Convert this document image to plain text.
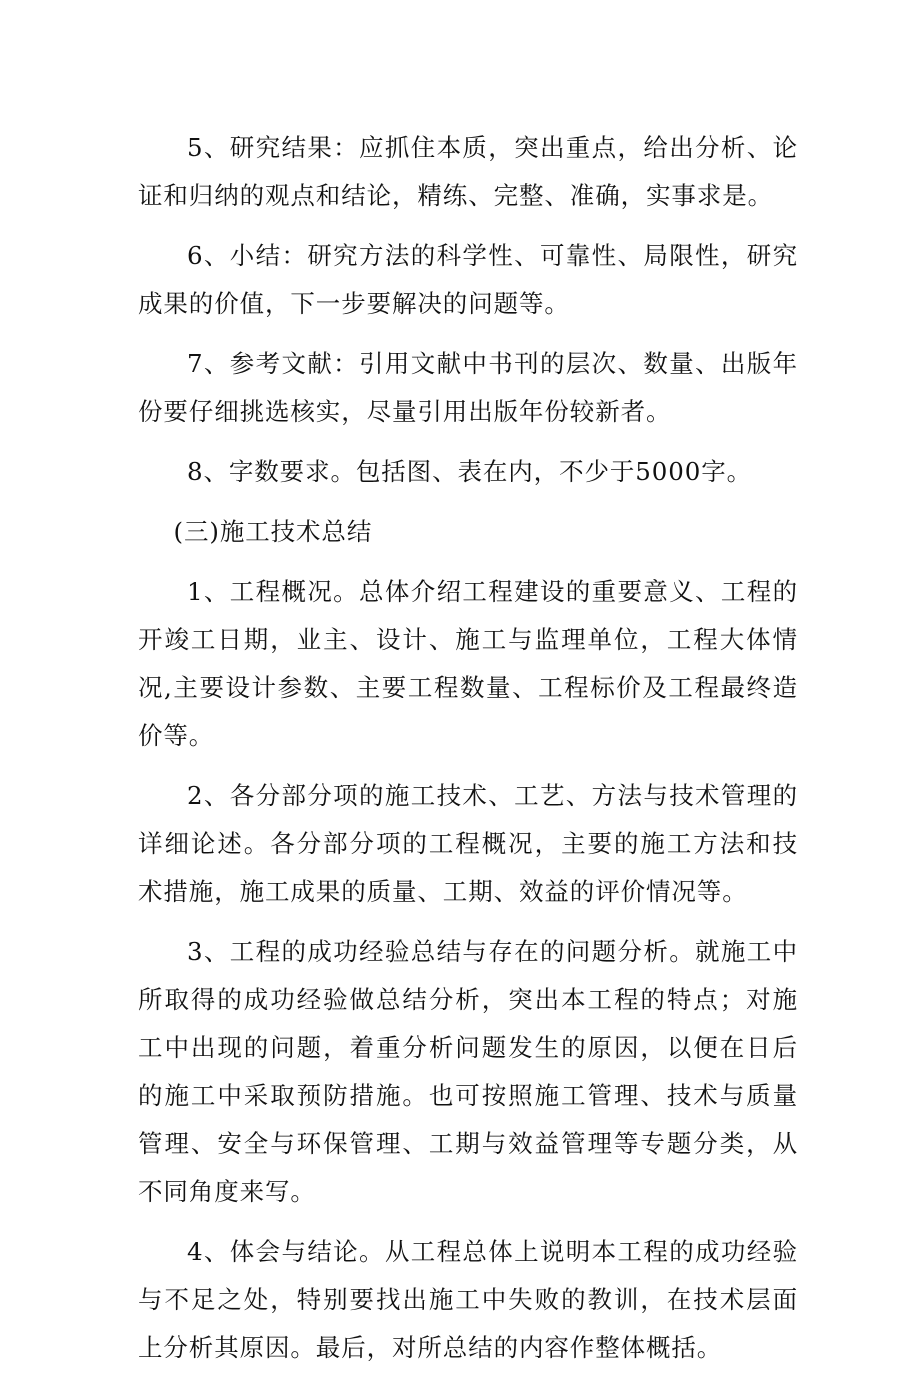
5、研究结果：应抓住本质，突出重点，给出分析、论证和归纳的观点和结论，精练、完整、准确，实事求是。

6、小结：研究方法的科学性、可靠性、局限性，研究成果的价值，下一步要解决的问题等。

7、参考文献：引用文献中书刊的层次、数量、出版年份要仔细挑选核实，尽量引用出版年份较新者。

8、字数要求。包括图、表在内，不少于5000字。

(三)施工技术总结

1、工程概况。总体介绍工程建设的重要意义、工程的开竣工日期，业主、设计、施工与监理单位，工程大体情况,主要设计参数、主要工程数量、工程标价及工程最终造价等。

2、各分部分项的施工技术、工艺、方法与技术管理的详细论述。各分部分项的工程概况，主要的施工方法和技术措施，施工成果的质量、工期、效益的评价情况等。

3、工程的成功经验总结与存在的问题分析。就施工中所取得的成功经验做总结分析，突出本工程的特点；对施工中出现的问题，着重分析问题发生的原因，以便在日后的施工中采取预防措施。也可按照施工管理、技术与质量管理、安全与环保管理、工期与效益管理等专题分类，从不同角度来写。

4、体会与结论。从工程总体上说明本工程的成功经验与不足之处，特别要找出施工中失败的教训，在技术层面上分析其原因。最后，对所总结的内容作整体概括。
